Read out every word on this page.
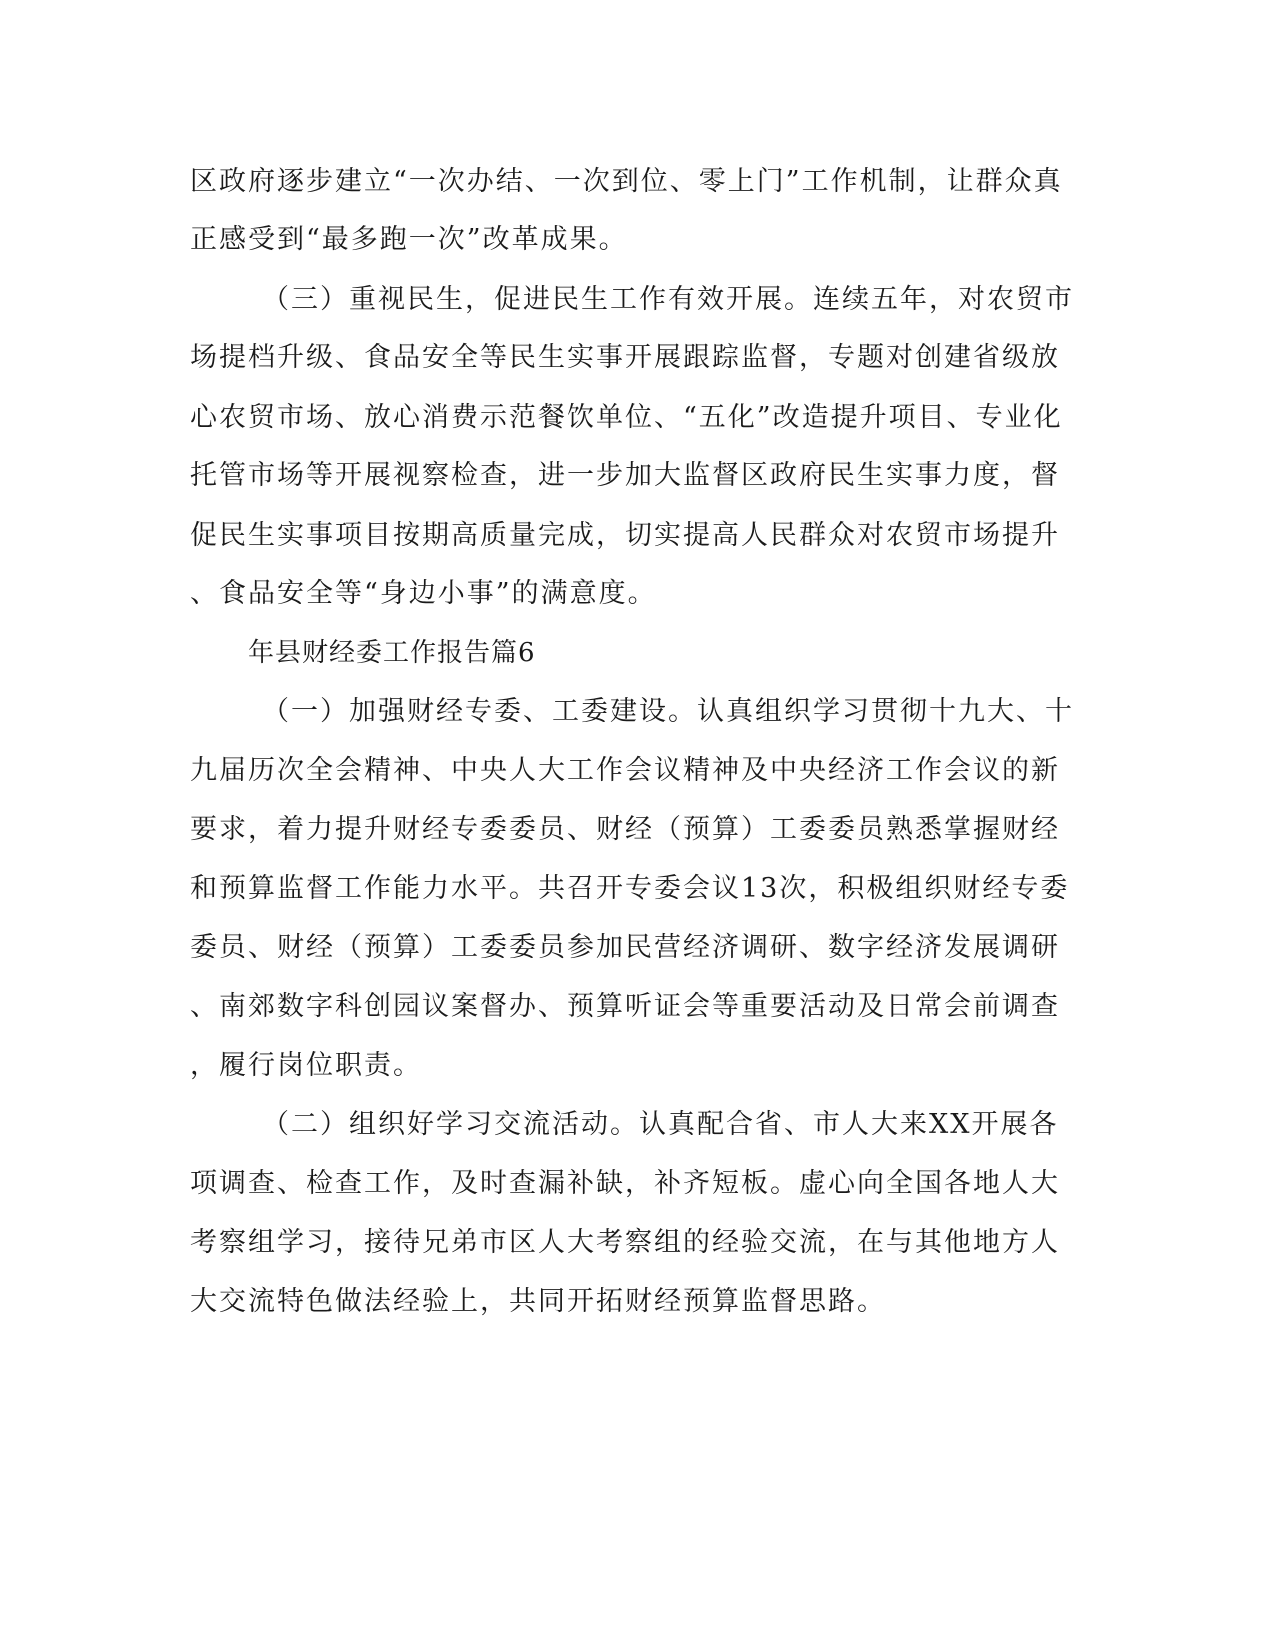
区政府逐步建立“一次办结、一次到位、零上门”工作机制，让群众真
正感受到“最多跑一次”改革成果。
（三）重视民生，促进民生工作有效开展。连续五年，对农贸市
场提档升级、食品安全等民生实事开展跟踪监督，专题对创建省级放
心农贸市场、放心消费示范餐饮单位、“五化”改造提升项目、专业化
托管市场等开展视察检查，进一步加大监督区政府民生实事力度，督
促民生实事项目按期高质量完成，切实提高人民群众对农贸市场提升
、食品安全等“身边小事”的满意度。
年县财经委工作报告篇6
（一）加强财经专委、工委建设。认真组织学习贯彻十九大、十
九届历次全会精神、中央人大工作会议精神及中央经济工作会议的新
要求，着力提升财经专委委员、财经（预算）工委委员熟悉掌握财经
和预算监督工作能力水平。共召开专委会议13次，积极组织财经专委
委员、财经（预算）工委委员参加民营经济调研、数字经济发展调研
、南郊数字科创园议案督办、预算听证会等重要活动及日常会前调查
，履行岗位职责。
（二）组织好学习交流活动。认真配合省、市人大来XX开展各
项调查、检查工作，及时查漏补缺，补齐短板。虚心向全国各地人大
考察组学习，接待兄弟市区人大考察组的经验交流，在与其他地方人
大交流特色做法经验上，共同开拓财经预算监督思路。
